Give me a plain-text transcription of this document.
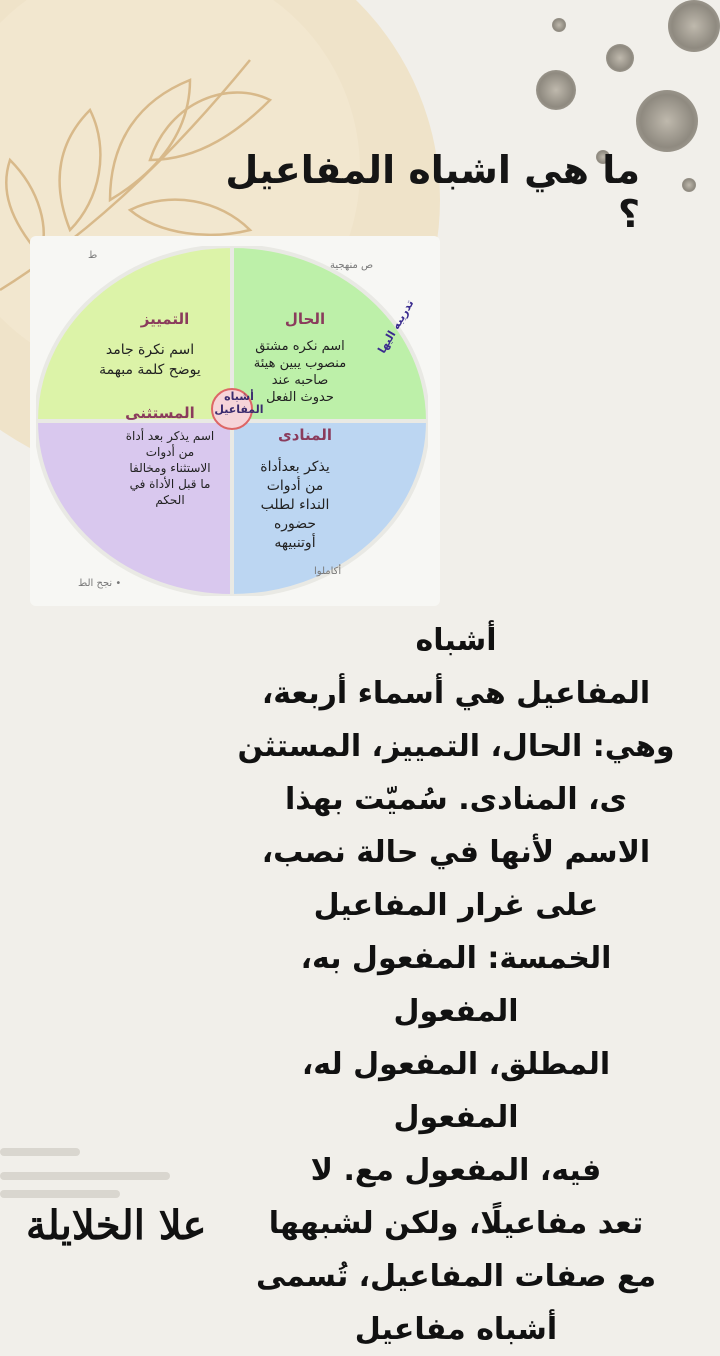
ما هي اشباه المفاعيل ؟
الحال
اسم نكره مشتق
منصوب يبين هيئة
صاحبه عند
حدوث الفعل
التمييز
اسم نكرة جامد
يوضح كلمة مبهمة
المستثنى
اسم يذكر بعد أداة
من أدوات
الاستثناء ومخالفا
ما قبل الأداة في
الحكم
المنادى
يذكر بعدأداة
من أدوات
النداء لطلب
حضوره
أوتنبيهه
أشباه المفاعيل
• نجح الط
ص منهجية
ط
أكاملوا
تدريبه اليها
أشباه
المفاعيل هي أسماء أربعة،
وهي: الحال، التمييز، المستثن
ى، المنادى. سُميّت بهذا
الاسم لأنها في حالة نصب،
على غرار المفاعيل
الخمسة: المفعول به، المفعول
المطلق، المفعول له، المفعول
فيه، المفعول مع. لا
تعد مفاعيلًا، ولكن لشبهها
مع صفات المفاعيل، تُسمى
أشباه مفاعيل
علا الخلايلة
